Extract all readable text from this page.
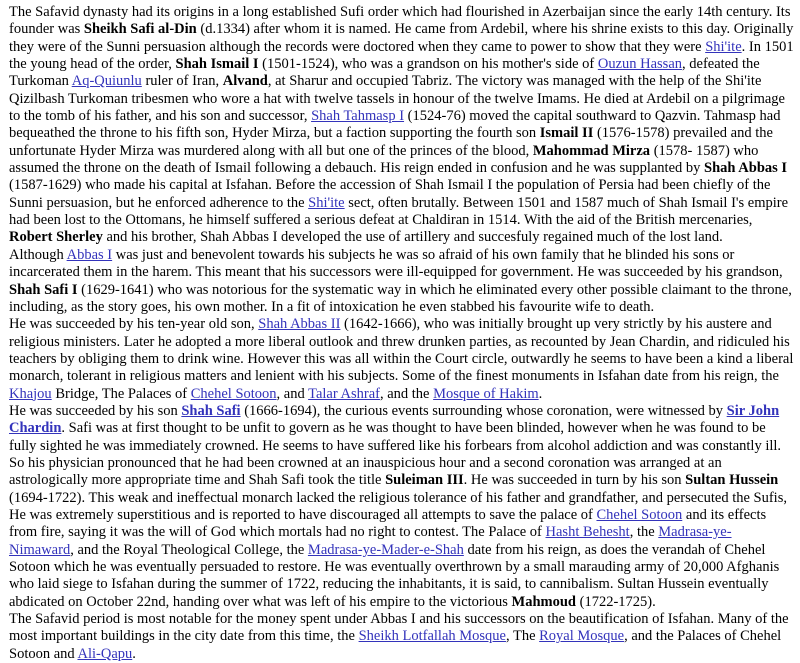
The Safavid dynasty had its origins in a long established Sufi order which had flourished in Azerbaijan since the early 14th century. Its founder was Sheikh Safi al-Din (d.1334) after whom it is named. He came from Ardebil, where his shrine exists to this day. Originally they were of the Sunni persuasion although the records were doctored when they came to power to show that they were Shi'ite. In 1501 the young head of the order, Shah Ismail I (1501-1524), who was a grandson on his mother's side of Ouzun Hassan, defeated the Turkoman Aq-Quiunlu ruler of Iran, Alvand, at Sharur and occupied Tabriz. The victory was managed with the help of the Shi'ite Qizilbash Turkoman tribesmen who wore a hat with twelve tassels in honour of the twelve Imams. He died at Ardebil on a pilgrimage to the tomb of his father, and his son and successor, Shah Tahmasp I (1524-76) moved the capital southward to Qazvin. Tahmasp had bequeathed the throne to his fifth son, Hyder Mirza, but a faction supporting the fourth son Ismail II (1576-1578) prevailed and the unfortunate Hyder Mirza was murdered along with all but one of the princes of the blood, Mahommad Mirza (1578- 1587) who assumed the throne on the death of Ismail following a debauch. His reign ended in confusion and he was supplanted by Shah Abbas I (1587-1629) who made his capital at Isfahan. Before the accession of Shah Ismail I the population of Persia had been chiefly of the Sunni persuasion, but he enforced adherence to the Shi'ite sect, often brutally. Between 1501 and 1587 much of Shah Ismail I's empire had been lost to the Ottomans, he himself suffered a serious defeat at Chaldiran in 1514. With the aid of the British mercenaries, Robert Sherley and his brother, Shah Abbas I developed the use of artillery and succesfuly regained much of the lost land.

Although Abbas I was just and benevolent towards his subjects he was so afraid of his own family that he blinded his sons or incarcerated them in the harem. This meant that his successors were ill-equipped for government. He was succeeded by his grandson, Shah Safi I (1629-1641) who was notorious for the systematic way in which he eliminated every other possible claimant to the throne, including, as the story goes, his own mother. In a fit of intoxication he even stabbed his favourite wife to death.

He was succeeded by his ten-year old son, Shah Abbas II (1642-1666), who was initially brought up very strictly by his austere and religious ministers. Later he adopted a more liberal outlook and threw drunken parties, as recounted by Jean Chardin, and ridiculed his teachers by obliging them to drink wine. However this was all within the Court circle, outwardly he seems to have been a kind a liberal monarch, tolerant in religious matters and lenient with his subjects. Some of the finest monuments in Isfahan date from his reign, the Khajou Bridge, The Palaces of Chehel Sotoon, and Talar Ashraf, and the Mosque of Hakim.

He was succeeded by his son Shah Safi (1666-1694), the curious events surrounding whose coronation, were witnessed by Sir John Chardin. Safi was at first thought to be unfit to govern as he was thought to have been blinded, however when he was found to be fully sighted he was immediately crowned. He seems to have suffered like his forbears from alcohol addiction and was constantly ill. So his physician pronounced that he had been crowned at an inauspicious hour and a second coronation was arranged at an astrologically more appropriate time and Shah Safi took the title Suleiman III. He was succeeded in turn by his son Sultan Hussein (1694-1722). This weak and ineffectual monarch lacked the religious tolerance of his father and grandfather, and persecuted the Sufis, He was extremely superstitious and is reported to have discouraged all attempts to save the palace of Chehel Sotoon and its effects from fire, saying it was the will of God which mortals had no right to contest. The Palace of Hasht Behesht, the Madrasa-ye-Nimaward, and the Royal Theological College, the Madrasa-ye-Mader-e-Shah date from his reign, as does the verandah of Chehel Sotoon which he was eventually persuaded to restore. He was eventually overthrown by a small marauding army of 20,000 Afghanis who laid siege to Isfahan during the summer of 1722, reducing the inhabitants, it is said, to cannibalism. Sultan Hussein eventually abdicated on October 22nd, handing over what was left of his empire to the victorious Mahmoud (1722-1725).

The Safavid period is most notable for the money spent under Abbas I and his successors on the beautification of Isfahan. Many of the most important buildings in the city date from this time, the Sheikh Lotfallah Mosque, The Royal Mosque, and the Palaces of Chehel Sotoon and Ali-Qapu.
